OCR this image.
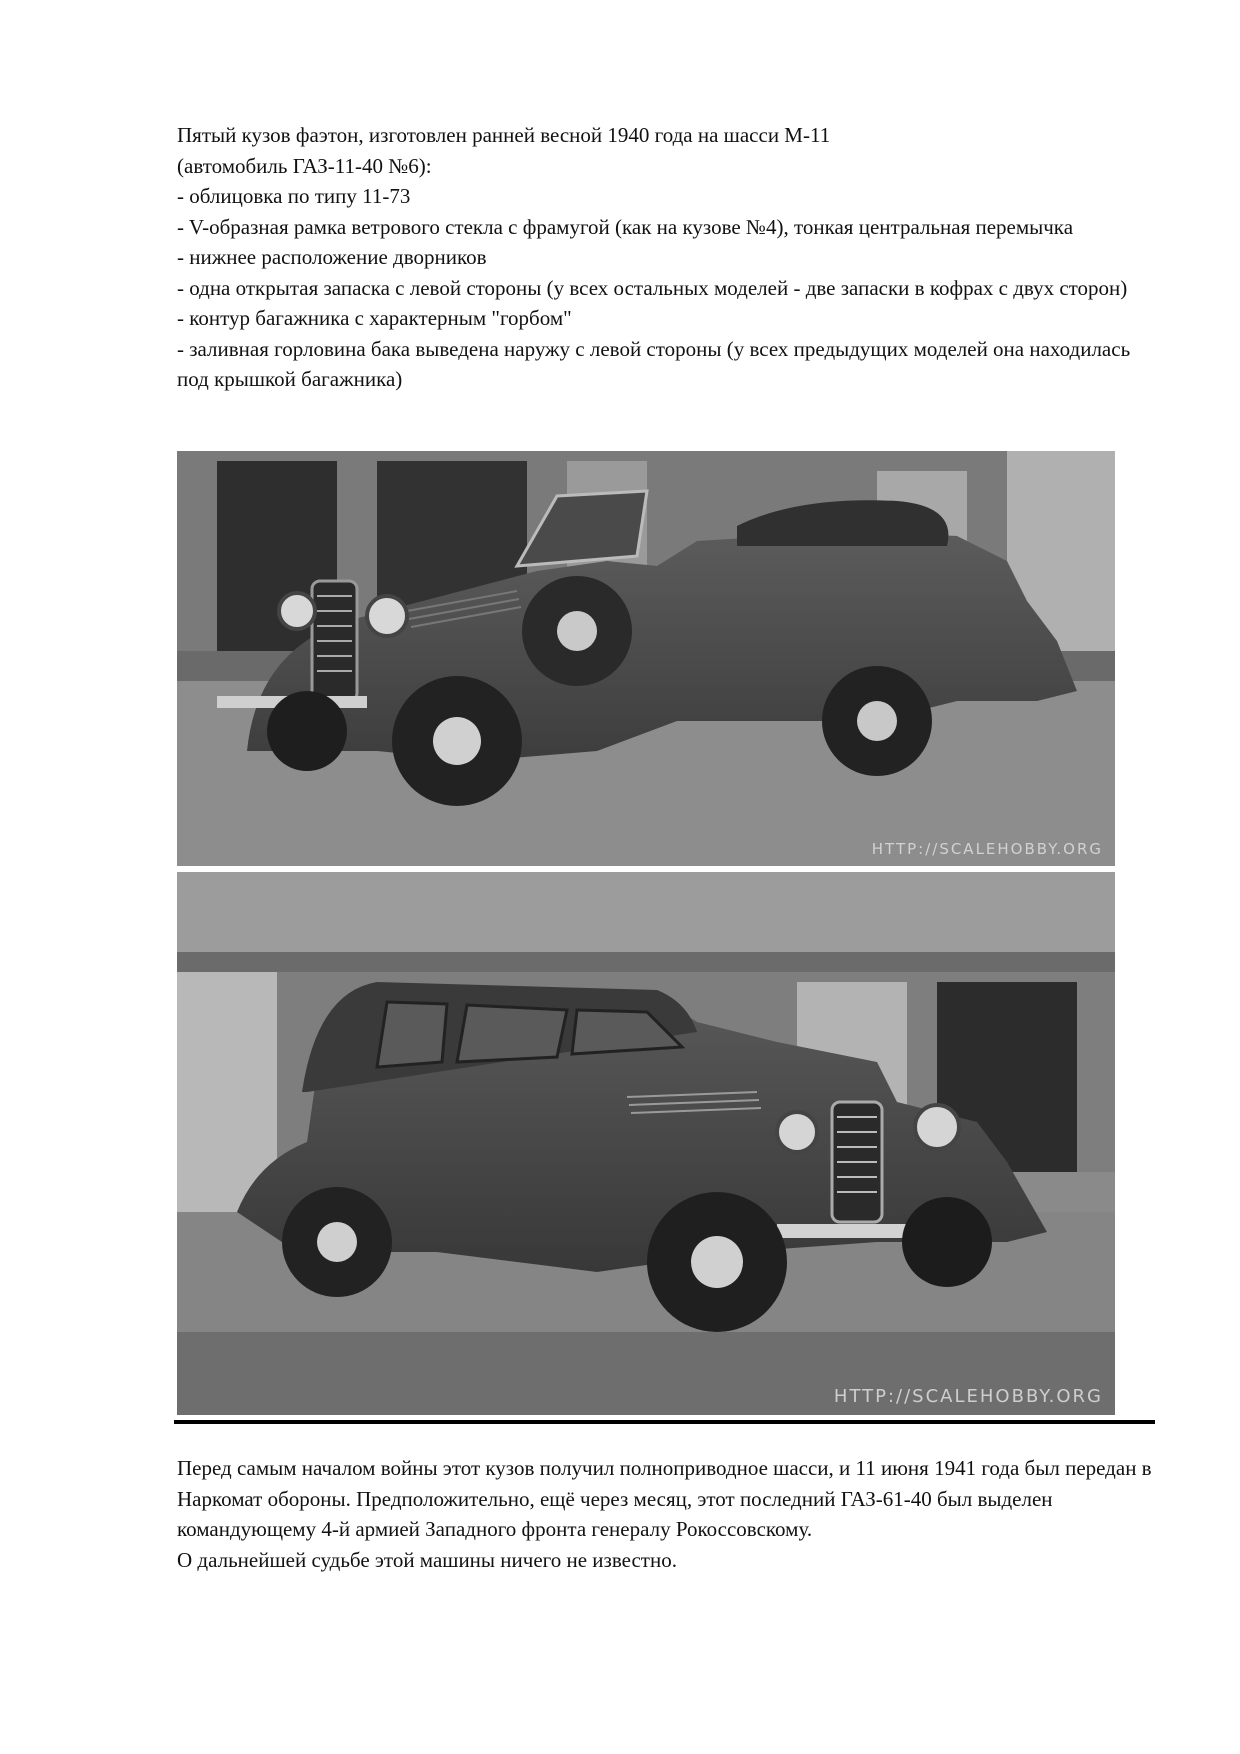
Пятый кузов фаэтон, изготовлен ранней весной 1940 года на шасси М-11

(автомобиль ГАЗ-11-40 №6):

- облицовка по типу 11-73

- V-образная рамка ветрового стекла с фрамугой (как на кузове №4), тонкая центральная перемычка

- нижнее расположение дворников

- одна открытая запаска с левой стороны (у всех остальных моделей - две запаски в кофрах с двух сторон)

- контур багажника с характерным "горбом"

- заливная горловина бака выведена наружу с левой стороны (у всех предыдущих моделей она находилась под крышкой багажника)

HTTP://SCALEHOBBY.ORG
HTTP://SCALEHOBBY.ORG

Перед самым началом войны этот кузов получил полноприводное шасси, и 11 июня 1941 года был передан в Наркомат обороны. Предположительно, ещё через месяц, этот последний ГАЗ-61-40 был выделен командующему 4-й армией Западного фронта генералу Рокоссовскому.

О дальнейшей судьбе этой машины ничего не известно.
